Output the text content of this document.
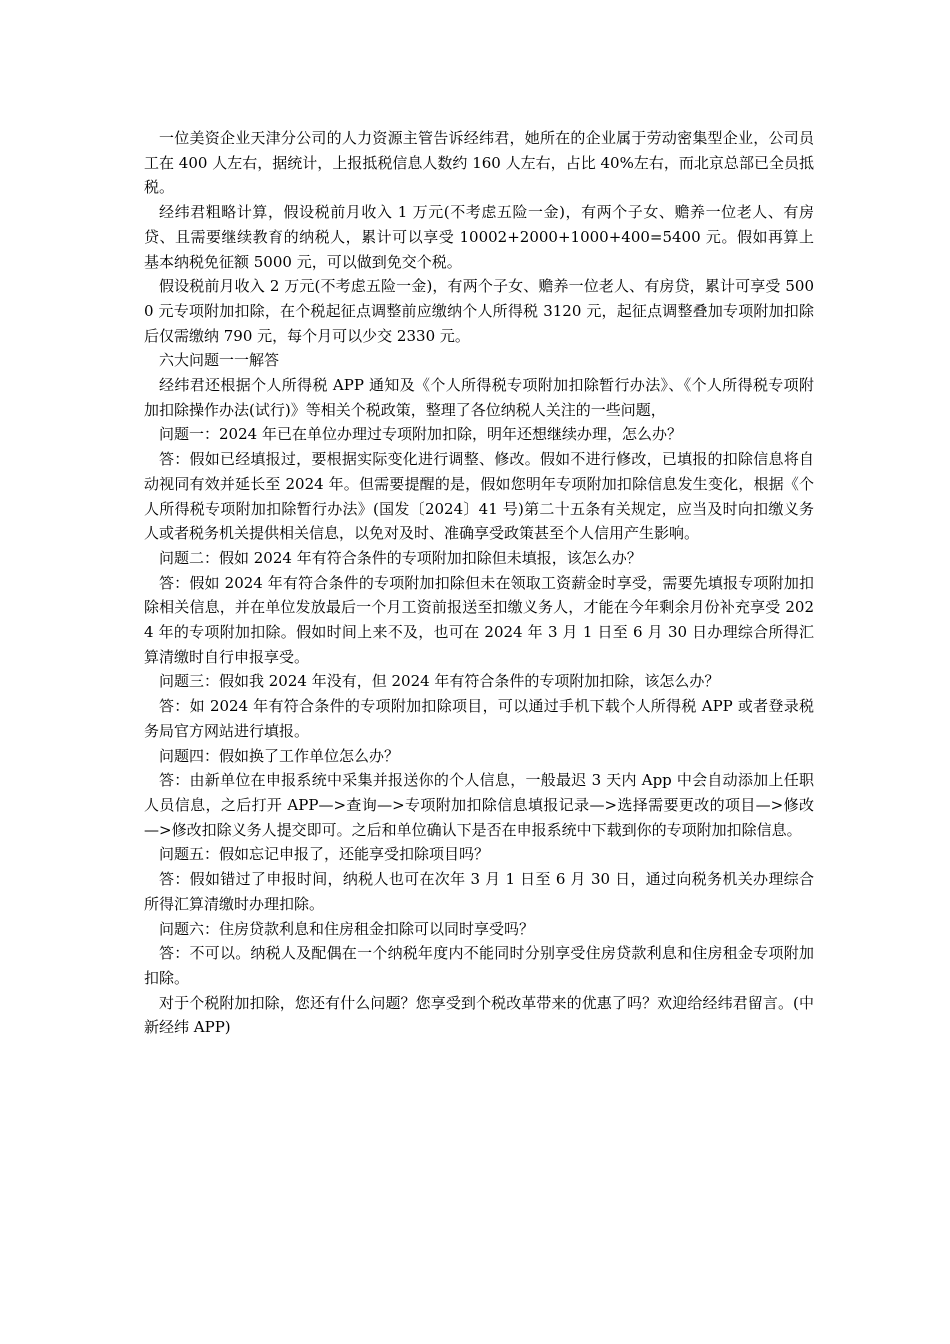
一位美资企业天津分公司的人力资源主管告诉经纬君，她所在的企业属于劳动密集型企业，公司员工在 400 人左右，据统计，上报抵税信息人数约 160 人左右，占比 40%左右，而北京总部已全员抵税。

经纬君粗略计算，假设税前月收入 1 万元(不考虑五险一金)，有两个子女、赡养一位老人、有房贷、且需要继续教育的纳税人，累计可以享受 10002+2000+1000+400=5400 元。假如再算上基本纳税免征额 5000 元，可以做到免交个税。

假设税前月收入 2 万元(不考虑五险一金)，有两个子女、赡养一位老人、有房贷，累计可享受 5000 元专项附加扣除，在个税起征点调整前应缴纳个人所得税 3120 元，起征点调整叠加专项附加扣除后仅需缴纳 790 元，每个月可以少交 2330 元。

六大问题一一解答

经纬君还根据个人所得税 APP 通知及《个人所得税专项附加扣除暂行办法》、《个人所得税专项附加扣除操作办法(试行)》等相关个税政策，整理了各位纳税人关注的一些问题，

问题一：2024 年已在单位办理过专项附加扣除，明年还想继续办理，怎么办？

答：假如已经填报过，要根据实际变化进行调整、修改。假如不进行修改，已填报的扣除信息将自动视同有效并延长至 2024 年。但需要提醒的是，假如您明年专项附加扣除信息发生变化，根据《个人所得税专项附加扣除暂行办法》(国发〔2024〕41 号)第二十五条有关规定，应当及时向扣缴义务人或者税务机关提供相关信息，以免对及时、准确享受政策甚至个人信用产生影响。

问题二：假如 2024 年有符合条件的专项附加扣除但未填报，该怎么办？

答：假如 2024 年有符合条件的专项附加扣除但未在领取工资薪金时享受，需要先填报专项附加扣除相关信息，并在单位发放最后一个月工资前报送至扣缴义务人，才能在今年剩余月份补充享受 2024 年的专项附加扣除。假如时间上来不及，也可在 2024 年 3 月 1 日至 6 月 30 日办理综合所得汇算清缴时自行申报享受。

问题三：假如我 2024 年没有，但 2024 年有符合条件的专项附加扣除，该怎么办？

答：如 2024 年有符合条件的专项附加扣除项目，可以通过手机下载个人所得税 APP 或者登录税务局官方网站进行填报。

问题四：假如换了工作单位怎么办？

答：由新单位在申报系统中采集并报送你的个人信息，一般最迟 3 天内 App 中会自动添加上任职人员信息，之后打开 APP—>查询—>专项附加扣除信息填报记录—>选择需要更改的项目—>修改—>修改扣除义务人提交即可。之后和单位确认下是否在申报系统中下载到你的专项附加扣除信息。

问题五：假如忘记申报了，还能享受扣除项目吗？

答：假如错过了申报时间，纳税人也可在次年 3 月 1 日至 6 月 30 日，通过向税务机关办理综合所得汇算清缴时办理扣除。

问题六：住房贷款利息和住房租金扣除可以同时享受吗？

答：不可以。纳税人及配偶在一个纳税年度内不能同时分别享受住房贷款利息和住房租金专项附加扣除。

对于个税附加扣除，您还有什么问题？您享受到个税改革带来的优惠了吗？欢迎给经纬君留言。(中新经纬 APP)
